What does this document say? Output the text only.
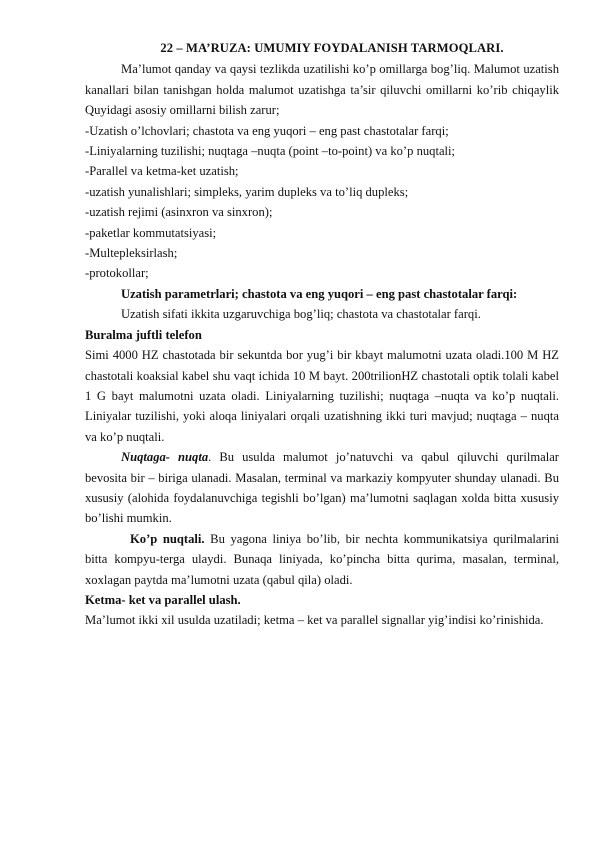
22 – MA’RUZA: UMUMIY FOYDALANISH TARMOQLARI.

Ma’lumot qanday va qaysi tezlikda uzatilishi ko’p omillarga bog’liq. Malumot uzatish kanallari bilan tanishgan holda malumot uzatishga ta’sir qiluvchi omillarni ko’rib chiqaylik Quyidagi asosiy omillarni bilish zarur;

-Uzatish o’lchovlari; chastota va eng yuqori – eng past chastotalar farqi;
-Liniyalarning tuzilishi; nuqtaga –nuqta (point –to-point) va ko’p nuqtali;
-Parallel va ketma-ket uzatish;
-uzatish yunalishlari; simpleks, yarim dupleks va to’liq dupleks;
-uzatish rejimi (asinxron va sinxron);
-paketlar kommutatsiyasi;
-Multepleksirlash;
-protokollar;

Uzatish parametrlari; chastota va eng yuqori – eng past chastotalar farqi:

Uzatish sifati ikkita uzgaruvchiga bog’liq; chastota va chastotalar farqi.

Buralma juftli telefon

Simi 4000 HZ chastotada bir sekuntda bor yug’i bir kbayt malumotni uzata oladi.100 M HZ chastotali koaksial kabel shu vaqt ichida 10 M bayt. 200trilionHZ chastotali optik tolali kabel 1 G bayt malumotni uzata oladi. Liniyalarning tuzilishi; nuqtaga –nuqta va ko’p nuqtali. Liniyalar tuzilishi, yoki aloqa liniyalari orqali uzatishning ikki turi mavjud; nuqtaga – nuqta va ko’p nuqtali.

Nuqtaga- nuqta. Bu usulda malumot jo’natuvchi va qabul qiluvchi qurilmalar bevosita bir – biriga ulanadi. Masalan, terminal va markaziy kompyuter shunday ulanadi. Bu xususiy (alohida foydalanuvchiga tegishli bo’lgan) ma’lumotni saqlagan xolda bitta xususiy bo’lishi mumkin.

Ko’p nuqtali. Bu yagona liniya bo’lib, bir nechta kommunikatsiya qurilmalarini bitta kompyu-terga ulaydi. Bunaqa liniyada, ko’pincha bitta qurima, masalan, terminal, xoxlagan paytda ma’lumotni uzata (qabul qila) oladi.

Ketma- ket va parallel ulash.

Ma’lumot ikki xil usulda uzatiladi; ketma – ket va parallel signallar yig’indisi ko’rinishida.
